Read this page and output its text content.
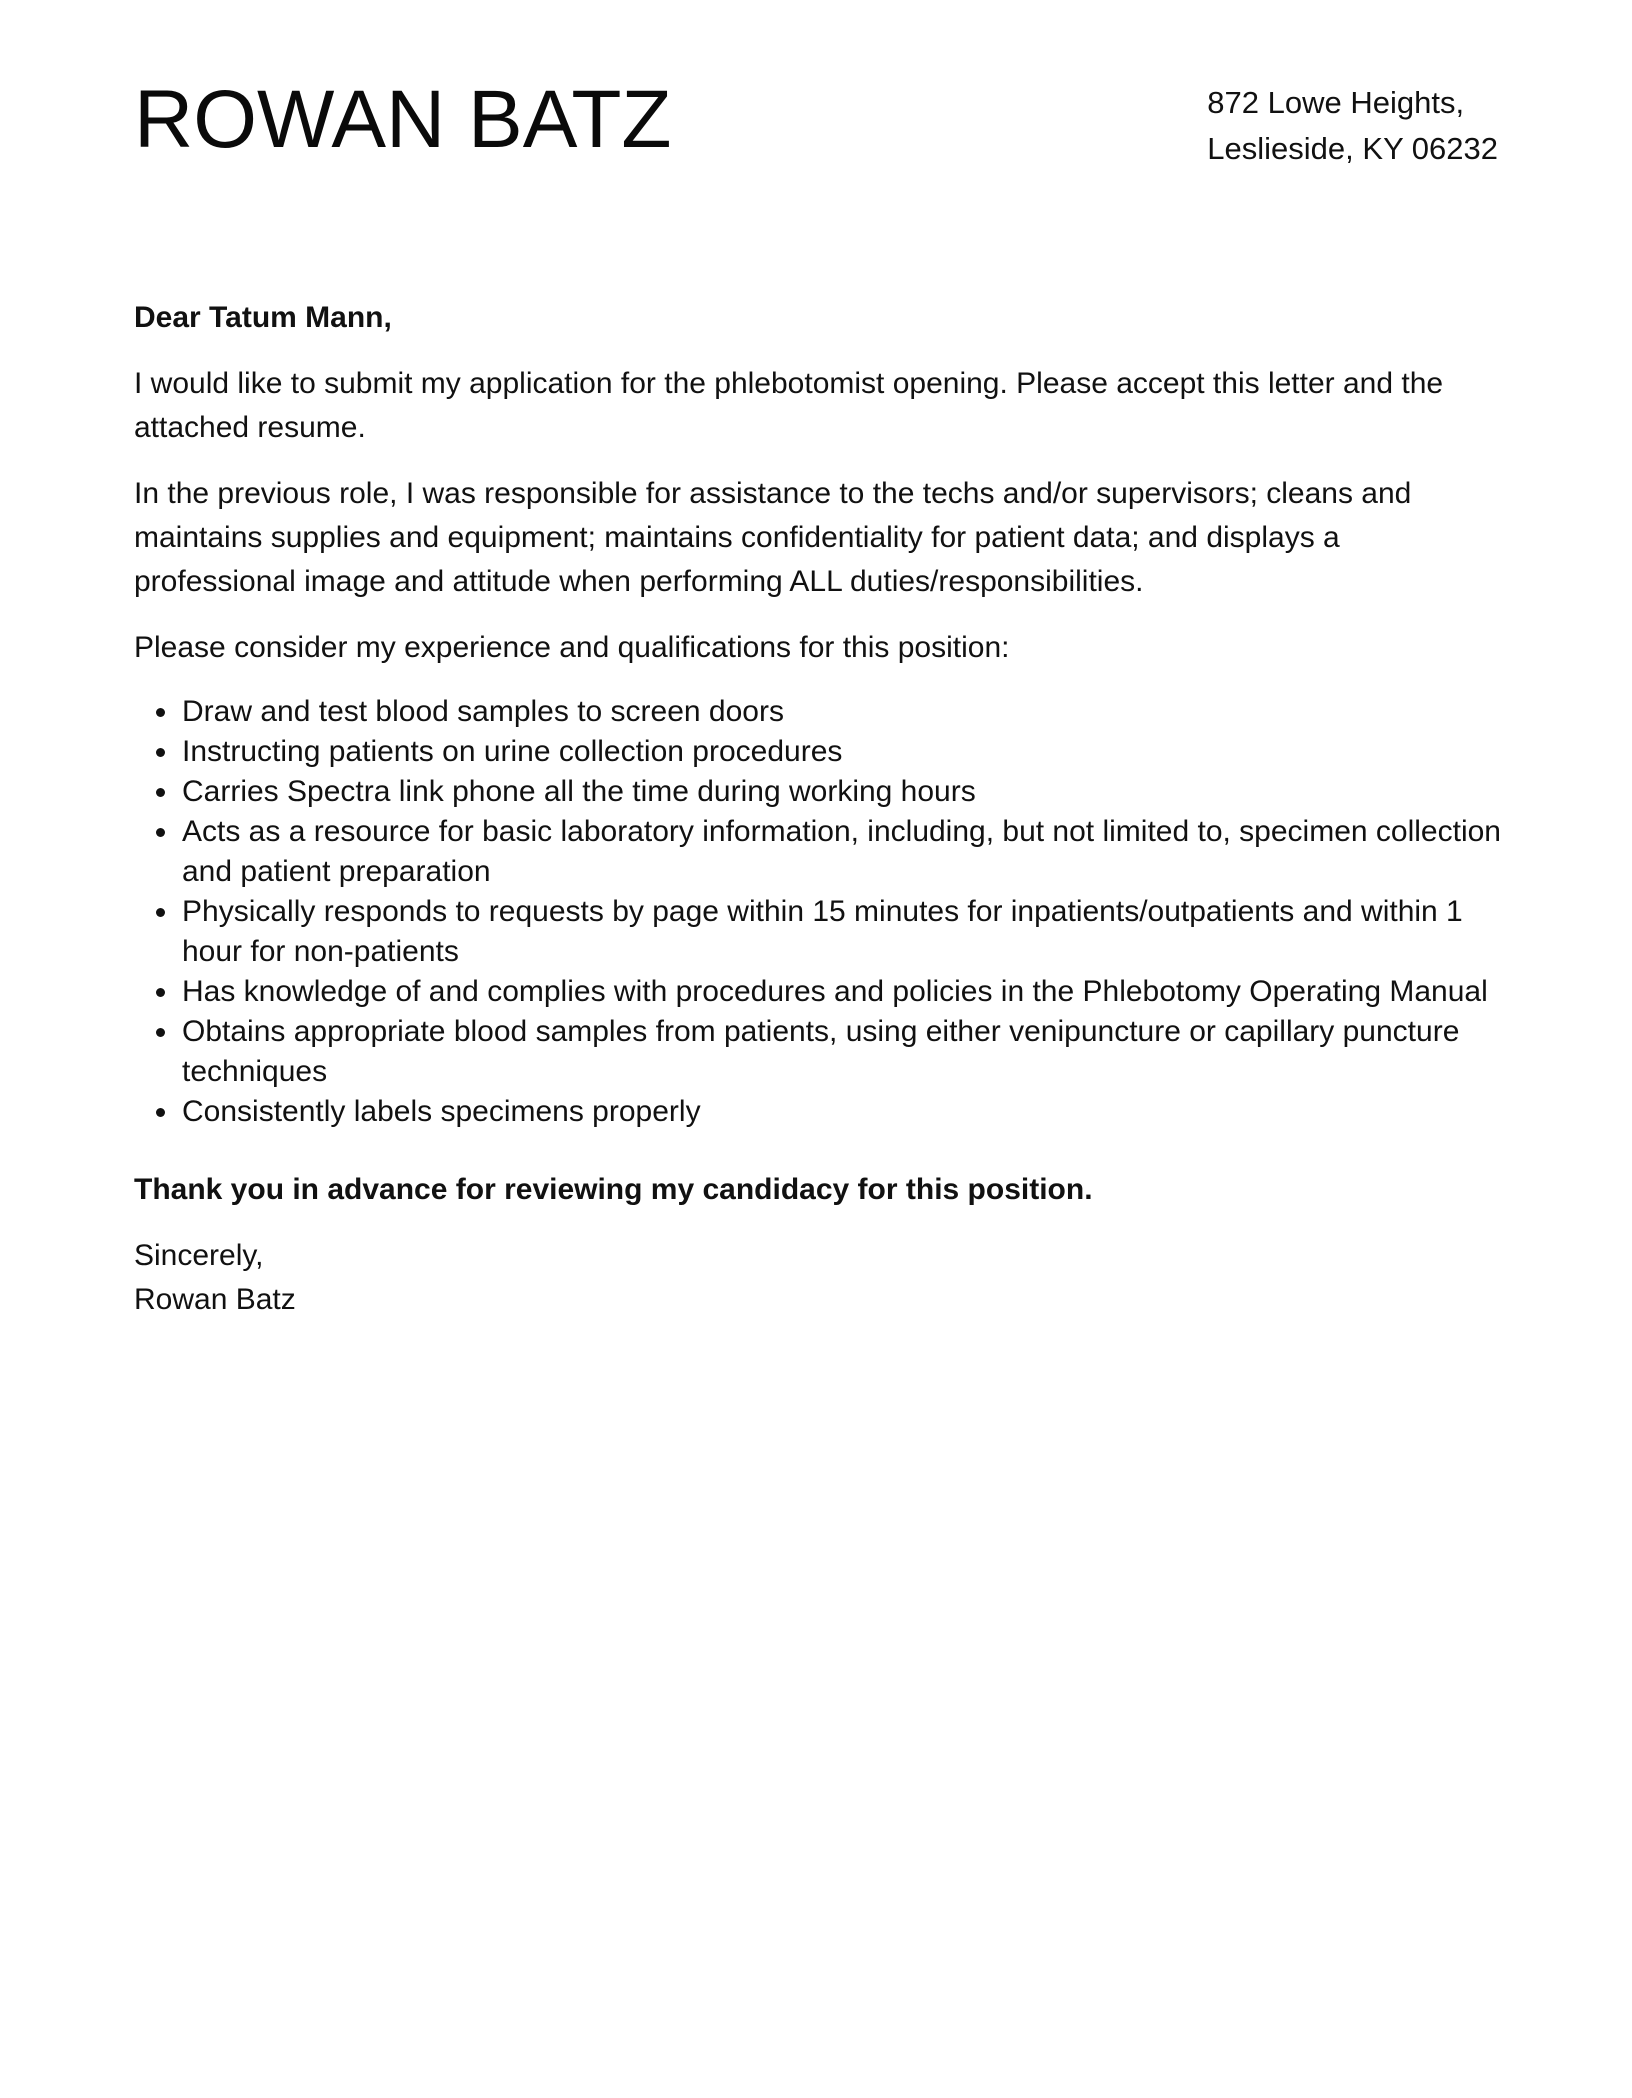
ROWAN BATZ	872 Lowe Heights,
Leslieside, KY 06232

Dear Tatum Mann,

I would like to submit my application for the phlebotomist opening. Please accept this letter and the attached resume.

In the previous role, I was responsible for assistance to the techs and/or supervisors; cleans and maintains supplies and equipment; maintains confidentiality for patient data; and displays a professional image and attitude when performing ALL duties/responsibilities.

Please consider my experience and qualifications for this position:

Draw and test blood samples to screen doors
Instructing patients on urine collection procedures
Carries Spectra link phone all the time during working hours
Acts as a resource for basic laboratory information, including, but not limited to, specimen collection and patient preparation
Physically responds to requests by page within 15 minutes for inpatients/outpatients and within 1 hour for non-patients
Has knowledge of and complies with procedures and policies in the Phlebotomy Operating Manual
Obtains appropriate blood samples from patients, using either venipuncture or capillary puncture techniques
Consistently labels specimens properly

Thank you in advance for reviewing my candidacy for this position.

Sincerely,
Rowan Batz
